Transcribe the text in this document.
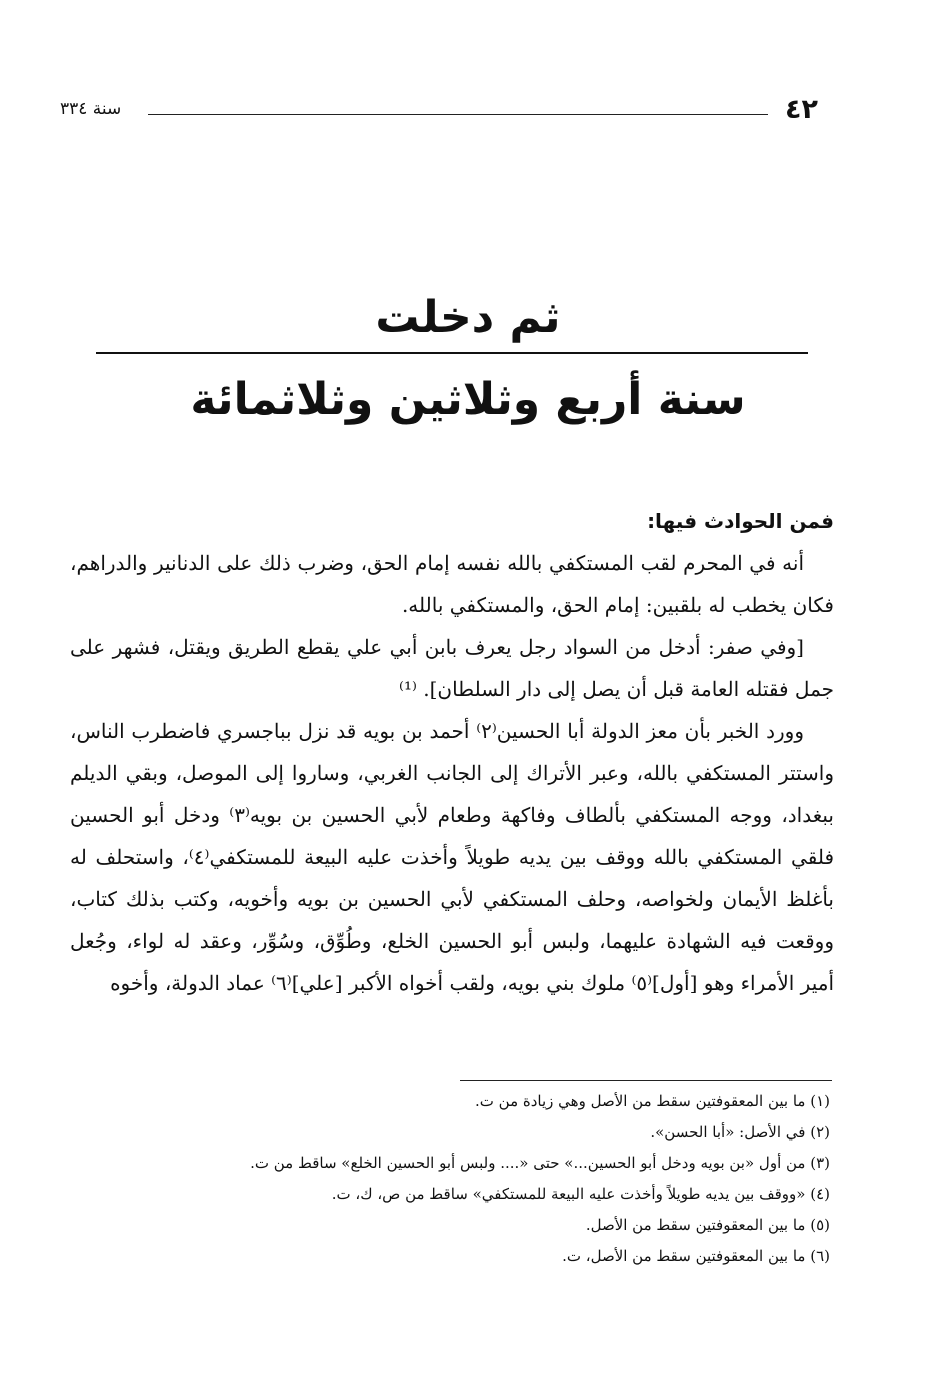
٤٢
سنة ٣٣٤
ثم دخلت
سنة أربع وثلاثين وثلاثمائة

فمن الحوادث فيها:

أنه في المحرم لقب المستكفي بالله نفسه إمام الحق، وضرب ذلك على الدنانير والدراهم، فكان يخطب له بلقبين: إمام الحق، والمستكفي بالله.

[وفي صفر: أدخل من السواد رجل يعرف بابن أبي علي يقطع الطريق ويقتل، فشهر على جمل فقتله العامة قبل أن يصل إلى دار السلطان]. ⁽¹⁾

وورد الخبر بأن معز الدولة أبا الحسين⁽٢⁾ أحمد بن بويه قد نزل بباجسري فاضطرب الناس، واستتر المستكفي بالله، وعبر الأتراك إلى الجانب الغربي، وساروا إلى الموصل، وبقي الديلم ببغداد، ووجه المستكفي بألطاف وفاكهة وطعام لأبي الحسين بن بويه⁽٣⁾ ودخل أبو الحسين فلقي المستكفي بالله ووقف بين يديه طويلاً وأخذت عليه البيعة للمستكفي⁽٤⁾، واستحلف له بأغلظ الأيمان ولخواصه، وحلف المستكفي لأبي الحسين بن بويه وأخويه، وكتب بذلك كتاب، ووقعت فيه الشهادة عليهما، ولبس أبو الحسين الخلع، وطُوِّق، وسُوِّر، وعقد له لواء، وجُعل أمير الأمراء وهو [أول]⁽٥⁾ ملوك بني بويه، ولقب أخواه الأكبر [علي]⁽٦⁾ عماد الدولة، وأخوه

(١) ما بين المعقوفتين سقط من الأصل وهي زيادة من ت.

(٢) في الأصل: «أبا الحسن».

(٣) من أول «بن بويه ودخل أبو الحسين...» حتى «.... ولبس أبو الحسين الخلع» ساقط من ت.

(٤) «ووقف بين يديه طويلاً وأخذت عليه البيعة للمستكفي» ساقط من ص، ك، ت.

(٥) ما بين المعقوفتين سقط من الأصل.

(٦) ما بين المعقوفتين سقط من الأصل، ت.
